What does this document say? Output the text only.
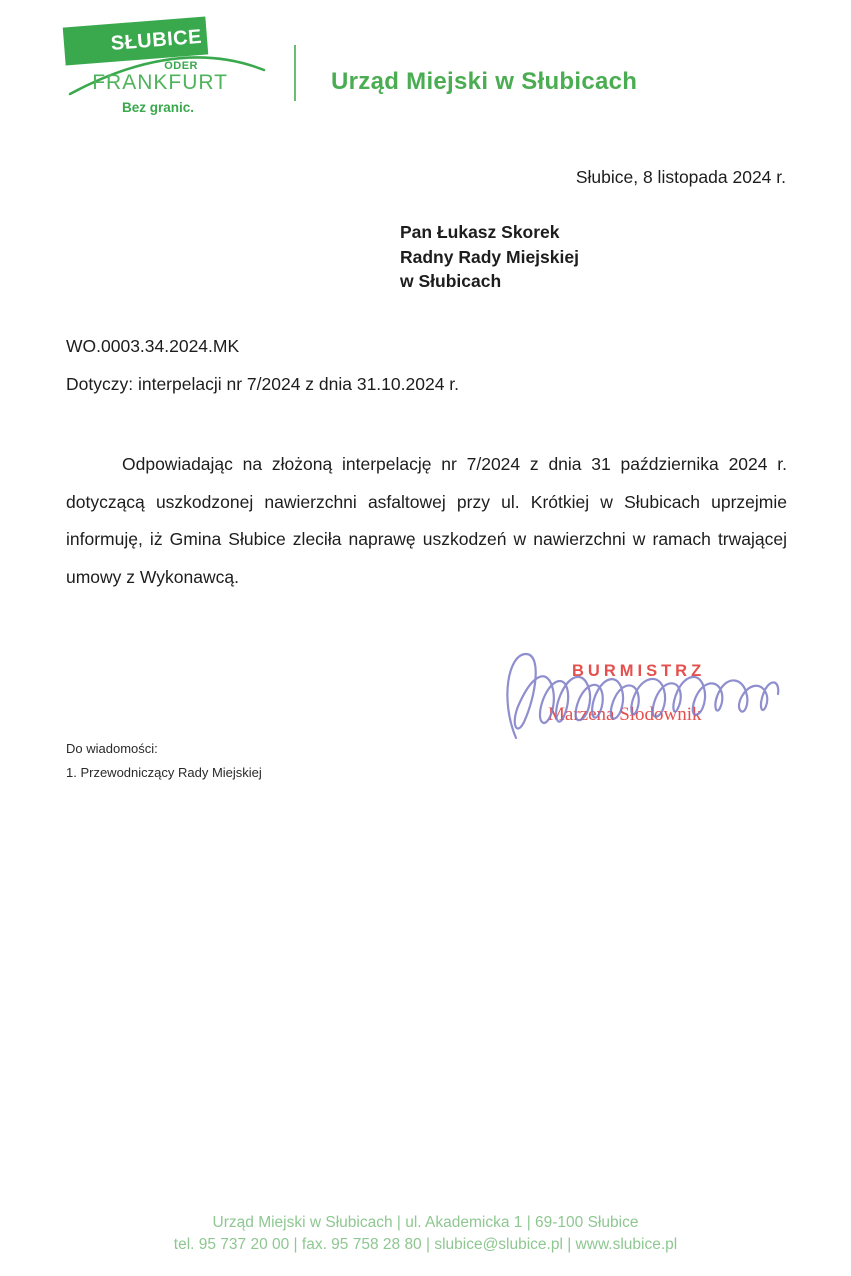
SŁUBICE
ODER
FRANKFURT
Bez granic.
Urząd Miejski w Słubicach
Słubice, 8 listopada 2024 r.
Pan Łukasz Skorek
Radny Rady Miejskiej
w Słubicach
WO.0003.34.2024.MK
Dotyczy: interpelacji nr 7/2024 z dnia 31.10.2024 r.

Odpowiadając na złożoną interpelację nr 7/2024 z dnia 31 października 2024 r. dotyczącą uszkodzonej nawierzchni asfaltowej przy ul. Krótkiej w Słubicach uprzejmie informuję, iż Gmina Słubice zleciła naprawę uszkodzeń w nawierzchni w ramach trwającej umowy z Wykonawcą.

BURMISTRZ
Marzena Słodownik
Do wiadomości:
1. Przewodniczący Rady Miejskiej
Urząd Miejski w Słubicach | ul. Akademicka 1 | 69-100 Słubice
tel. 95 737 20 00 | fax. 95 758 28 80 | slubice@slubice.pl | www.slubice.pl
